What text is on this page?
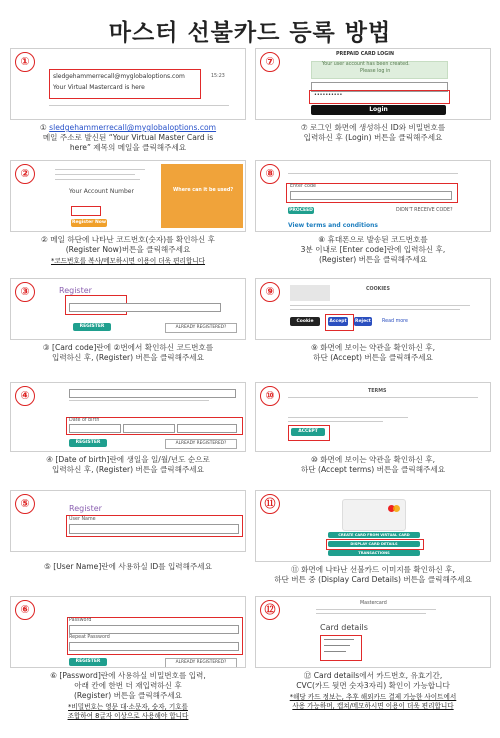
마스터 선불카드 등록 방법
①
sledgehammerrecall@myglobaloptions.com	15:23
Your Virtual Mastercard is here
① sledgehammerrecall@myglobaloptions.com
메일 주소로 발신된 “Your Virtual Master Card is
here” 제목의 메일을 클릭해주세요
⑦
PREPAID CARD LOGIN
Your user account has been created.
Please log in
••••••••••
Login
⑦ 로그인 화면에 생성하신 ID와 비밀번호를
입력하신 후 (Login) 버튼을 클릭해주세요
②
Your Account Number
Register Now
Where can it be used?
② 메일 하단에 나타난 코드번호(숫자)를 확인하신 후
(Register Now)버튼을 클릭해주세요
*코드번호를 복사/메모하시면 이용이 더욱 편리합니다
⑧
Enter code
PROCEED	DIDN'T RECEIVE CODE?
View terms and conditions
⑧ 휴대폰으로 발송된 코드번호를
3분 이내로 [Enter code]란에 입력하신 후,
(Register) 버튼을 클릭해주세요
③	Register
REGISTER	ALREADY REGISTERED?
③ [Card code]란에 ②번에서 확인하신 코드번호를
입력하신 후, (Register) 버튼을 클릭해주세요
⑨	COOKIES
Cookie Settings
Accept	Reject Read more
⑨ 화면에 보이는 약관을 확인하신 후,
하단 (Accept) 버튼을 클릭해주세요
④
Date of birth
REGISTER	ALREADY REGISTERED?
④ [Date of birth]란에 생일을 일/월/년도 순으로
입력하신 후, (Register) 버튼을 클릭해주세요
⑩	TERMS
ACCEPT TERMS
⑩ 화면에 보이는 약관을 확인하신 후,
하단 (Accept terms) 버튼을 클릭해주세요
⑤	Register
User Name
⑤ [User Name]란에 사용하실 ID를 입력해주세요
⑪
CREATE CARD FROM VIRTUAL CARD
DISPLAY CARD DETAILS
TRANSACTIONS
⑪ 화면에 나타난 선불카드 이미지를 확인하신 후,
하단 버튼 중 (Display Card Details) 버튼을 클릭해주세요
⑥
Password
Repeat Password
REGISTER	ALREADY REGISTERED?
⑥ [Password]란에 사용하실 비밀번호를 입력,
아래 칸에 한번 더 재입력하신 후
(Register) 버튼을 클릭해주세요
*비밀번호는 영문 대·소문자, 숫자, 기호를
조합하여 8글자 이상으로 사용해야 합니다
⑫	Mastercard
Card details
⑫ Card details에서 카드번호, 유효기간,
CVC(카드 뒷면 숫자3자리) 확인이 가능합니다
*해당 카드 정보는, 추후 해외카드 결제 가능한 사이트에서
사용 가능하며, 캡쳐/메모하시면 이용이 더욱 편리합니다
